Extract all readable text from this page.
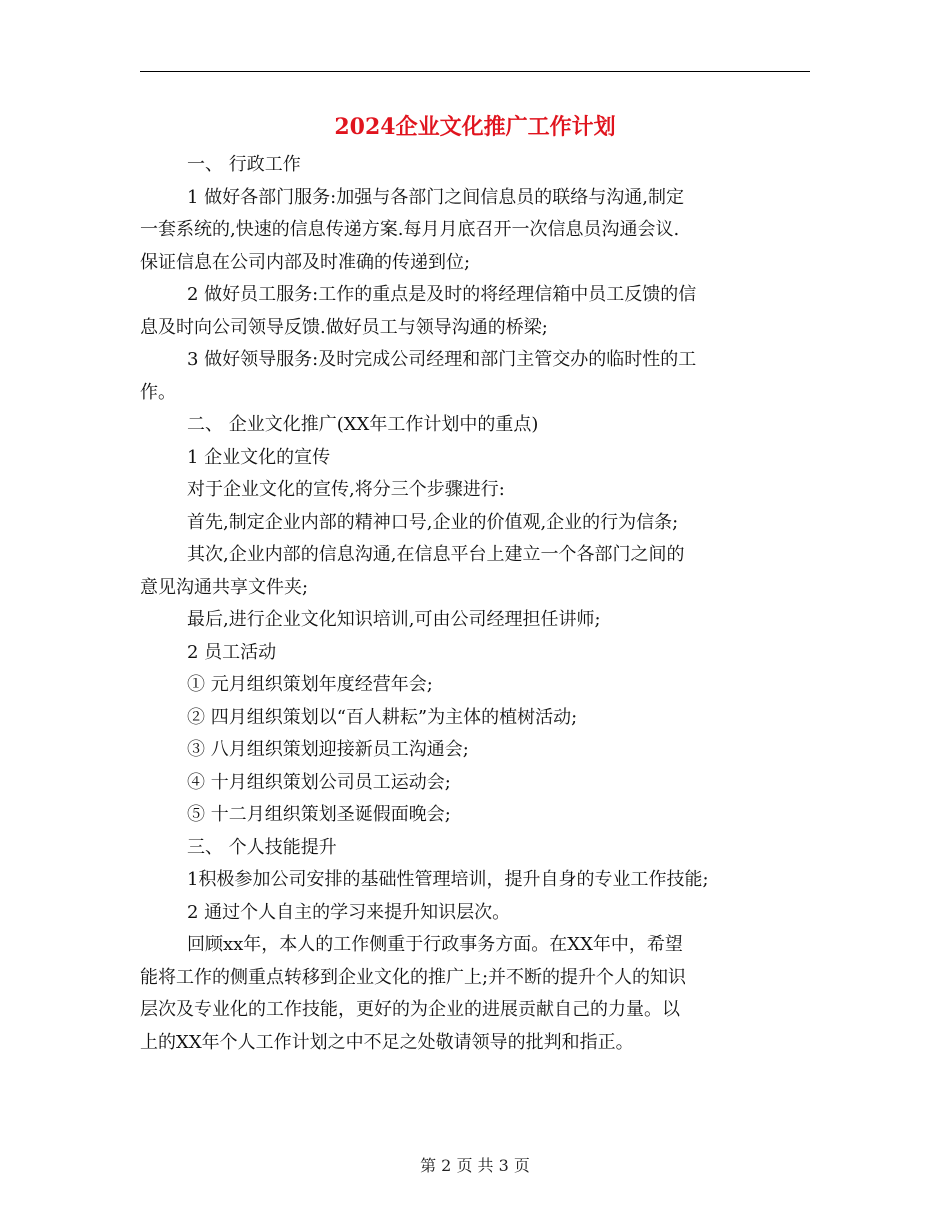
2024企业文化推广工作计划

一、 行政工作

1 做好各部门服务:加强与各部门之间信息员的联络与沟通,制定

一套系统的,快速的信息传递方案.每月月底召开一次信息员沟通会议.

保证信息在公司内部及时准确的传递到位;

2 做好员工服务:工作的重点是及时的将经理信箱中员工反馈的信

息及时向公司领导反馈.做好员工与领导沟通的桥梁;

3 做好领导服务:及时完成公司经理和部门主管交办的临时性的工

作。

二、 企业文化推广(XX年工作计划中的重点)

1 企业文化的宣传

对于企业文化的宣传,将分三个步骤进行:

首先,制定企业内部的精神口号,企业的价值观,企业的行为信条;

其次,企业内部的信息沟通,在信息平台上建立一个各部门之间的

意见沟通共享文件夹;

最后,进行企业文化知识培训,可由公司经理担任讲师;

2 员工活动

① 元月组织策划年度经营年会;

② 四月组织策划以“百人耕耘”为主体的植树活动;

③ 八月组织策划迎接新员工沟通会;

④ 十月组织策划公司员工运动会;

⑤ 十二月组织策划圣诞假面晚会;

三、 个人技能提升

1积极参加公司安排的基础性管理培训，提升自身的专业工作技能;

2 通过个人自主的学习来提升知识层次。

回顾xx年，本人的工作侧重于行政事务方面。在XX年中，希望

能将工作的侧重点转移到企业文化的推广上;并不断的提升个人的知识

层次及专业化的工作技能，更好的为企业的进展贡献自己的力量。以

上的XX年个人工作计划之中不足之处敬请领导的批判和指正。

第 2 页 共 3 页
